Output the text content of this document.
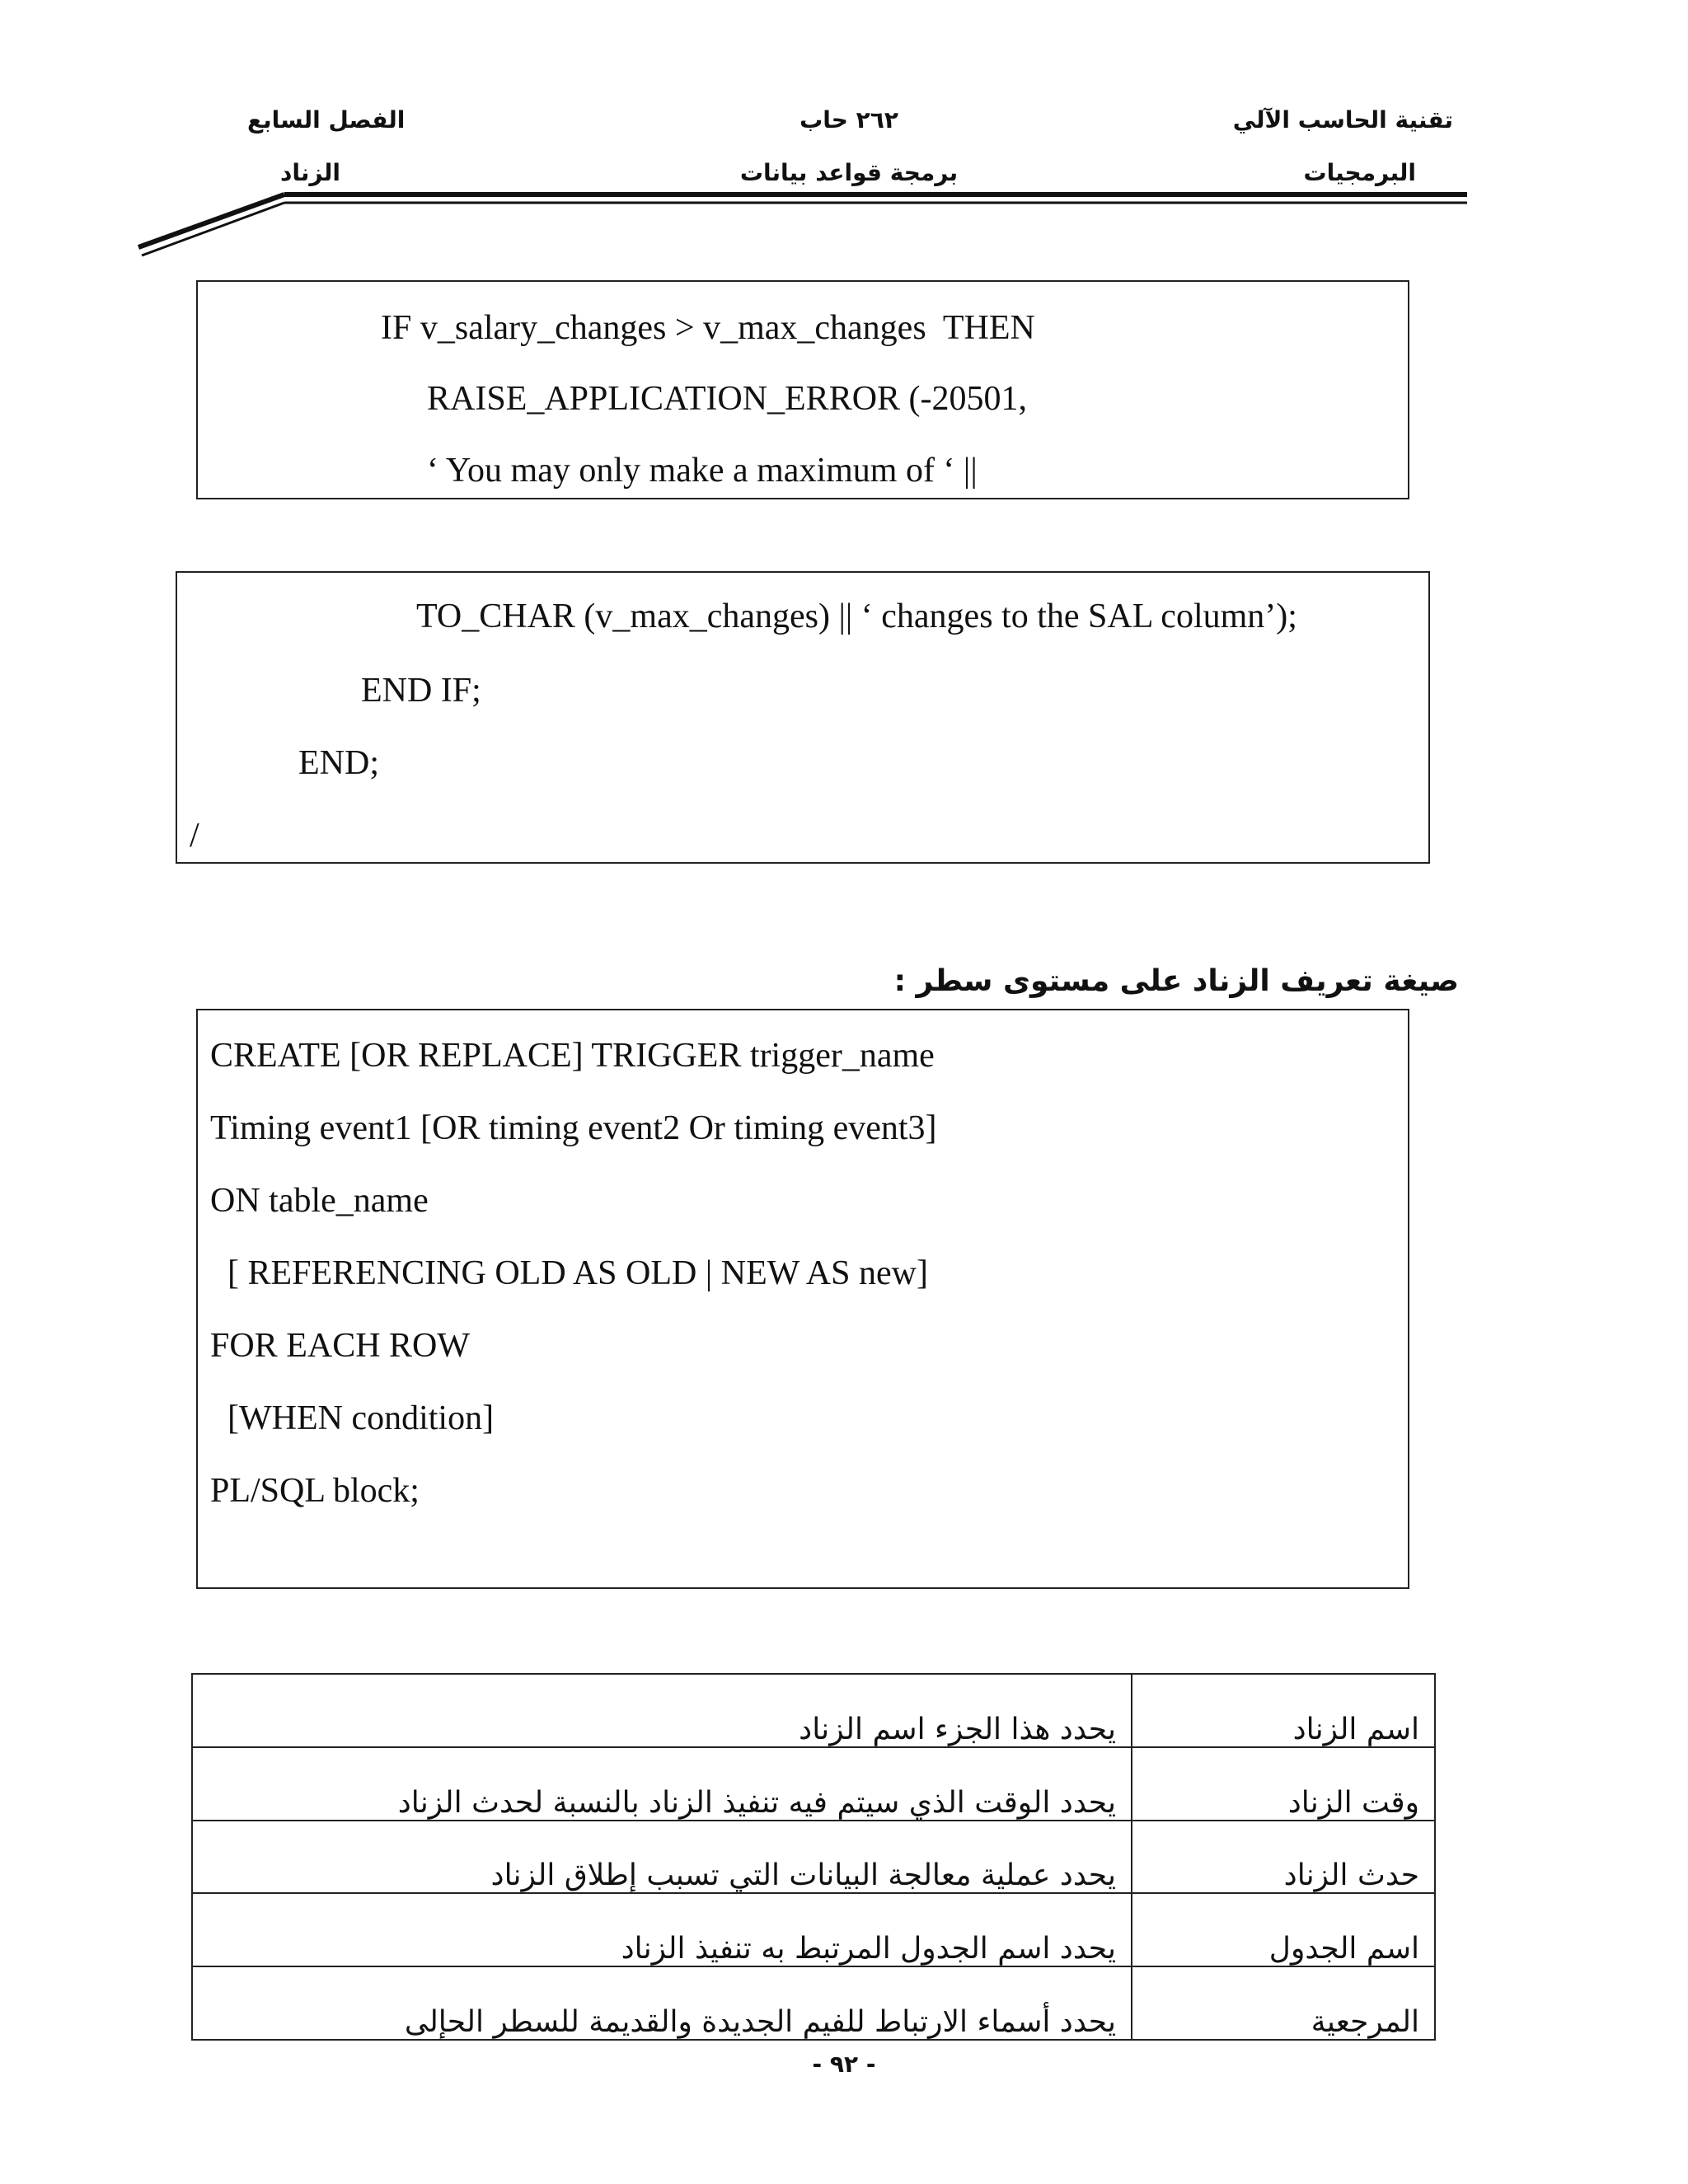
تقنية الحاسب الآلي
البرمجيات
٢٦٢ حاب
برمجة قواعد بيانات
الفصل السابع
الزناد
IF v_salary_changes > v_max_changes  THEN
RAISE_APPLICATION_ERROR (-20501,
‘ You may only make a maximum of ‘ ||
TO_CHAR (v_max_changes) || ‘ changes to the SAL column’);
END IF;
END;
/
صيغة تعريف الزناد على مستوى سطر :
CREATE [OR REPLACE] TRIGGER trigger_name
Timing event1 [OR timing event2 Or timing event3]
ON table_name
[ REFERENCING OLD AS OLD | NEW AS new]
FOR EACH ROW
[WHEN condition]
PL/SQL block;
اسم الزناد	يحدد هذا الجزء اسم الزناد
وقت الزناد	يحدد الوقت الذي سيتم فيه تنفيذ الزناد بالنسبة لحدث الزناد
حدث الزناد	يحدد عملية معالجة البيانات التي تسبب إطلاق الزناد
اسم الجدول	يحدد اسم الجدول المرتبط به تنفيذ الزناد
المرجعية	يحدد أسماء الارتباط للفيم الجديدة والقديمة للسطر الحإلى
- ٩٢ -
